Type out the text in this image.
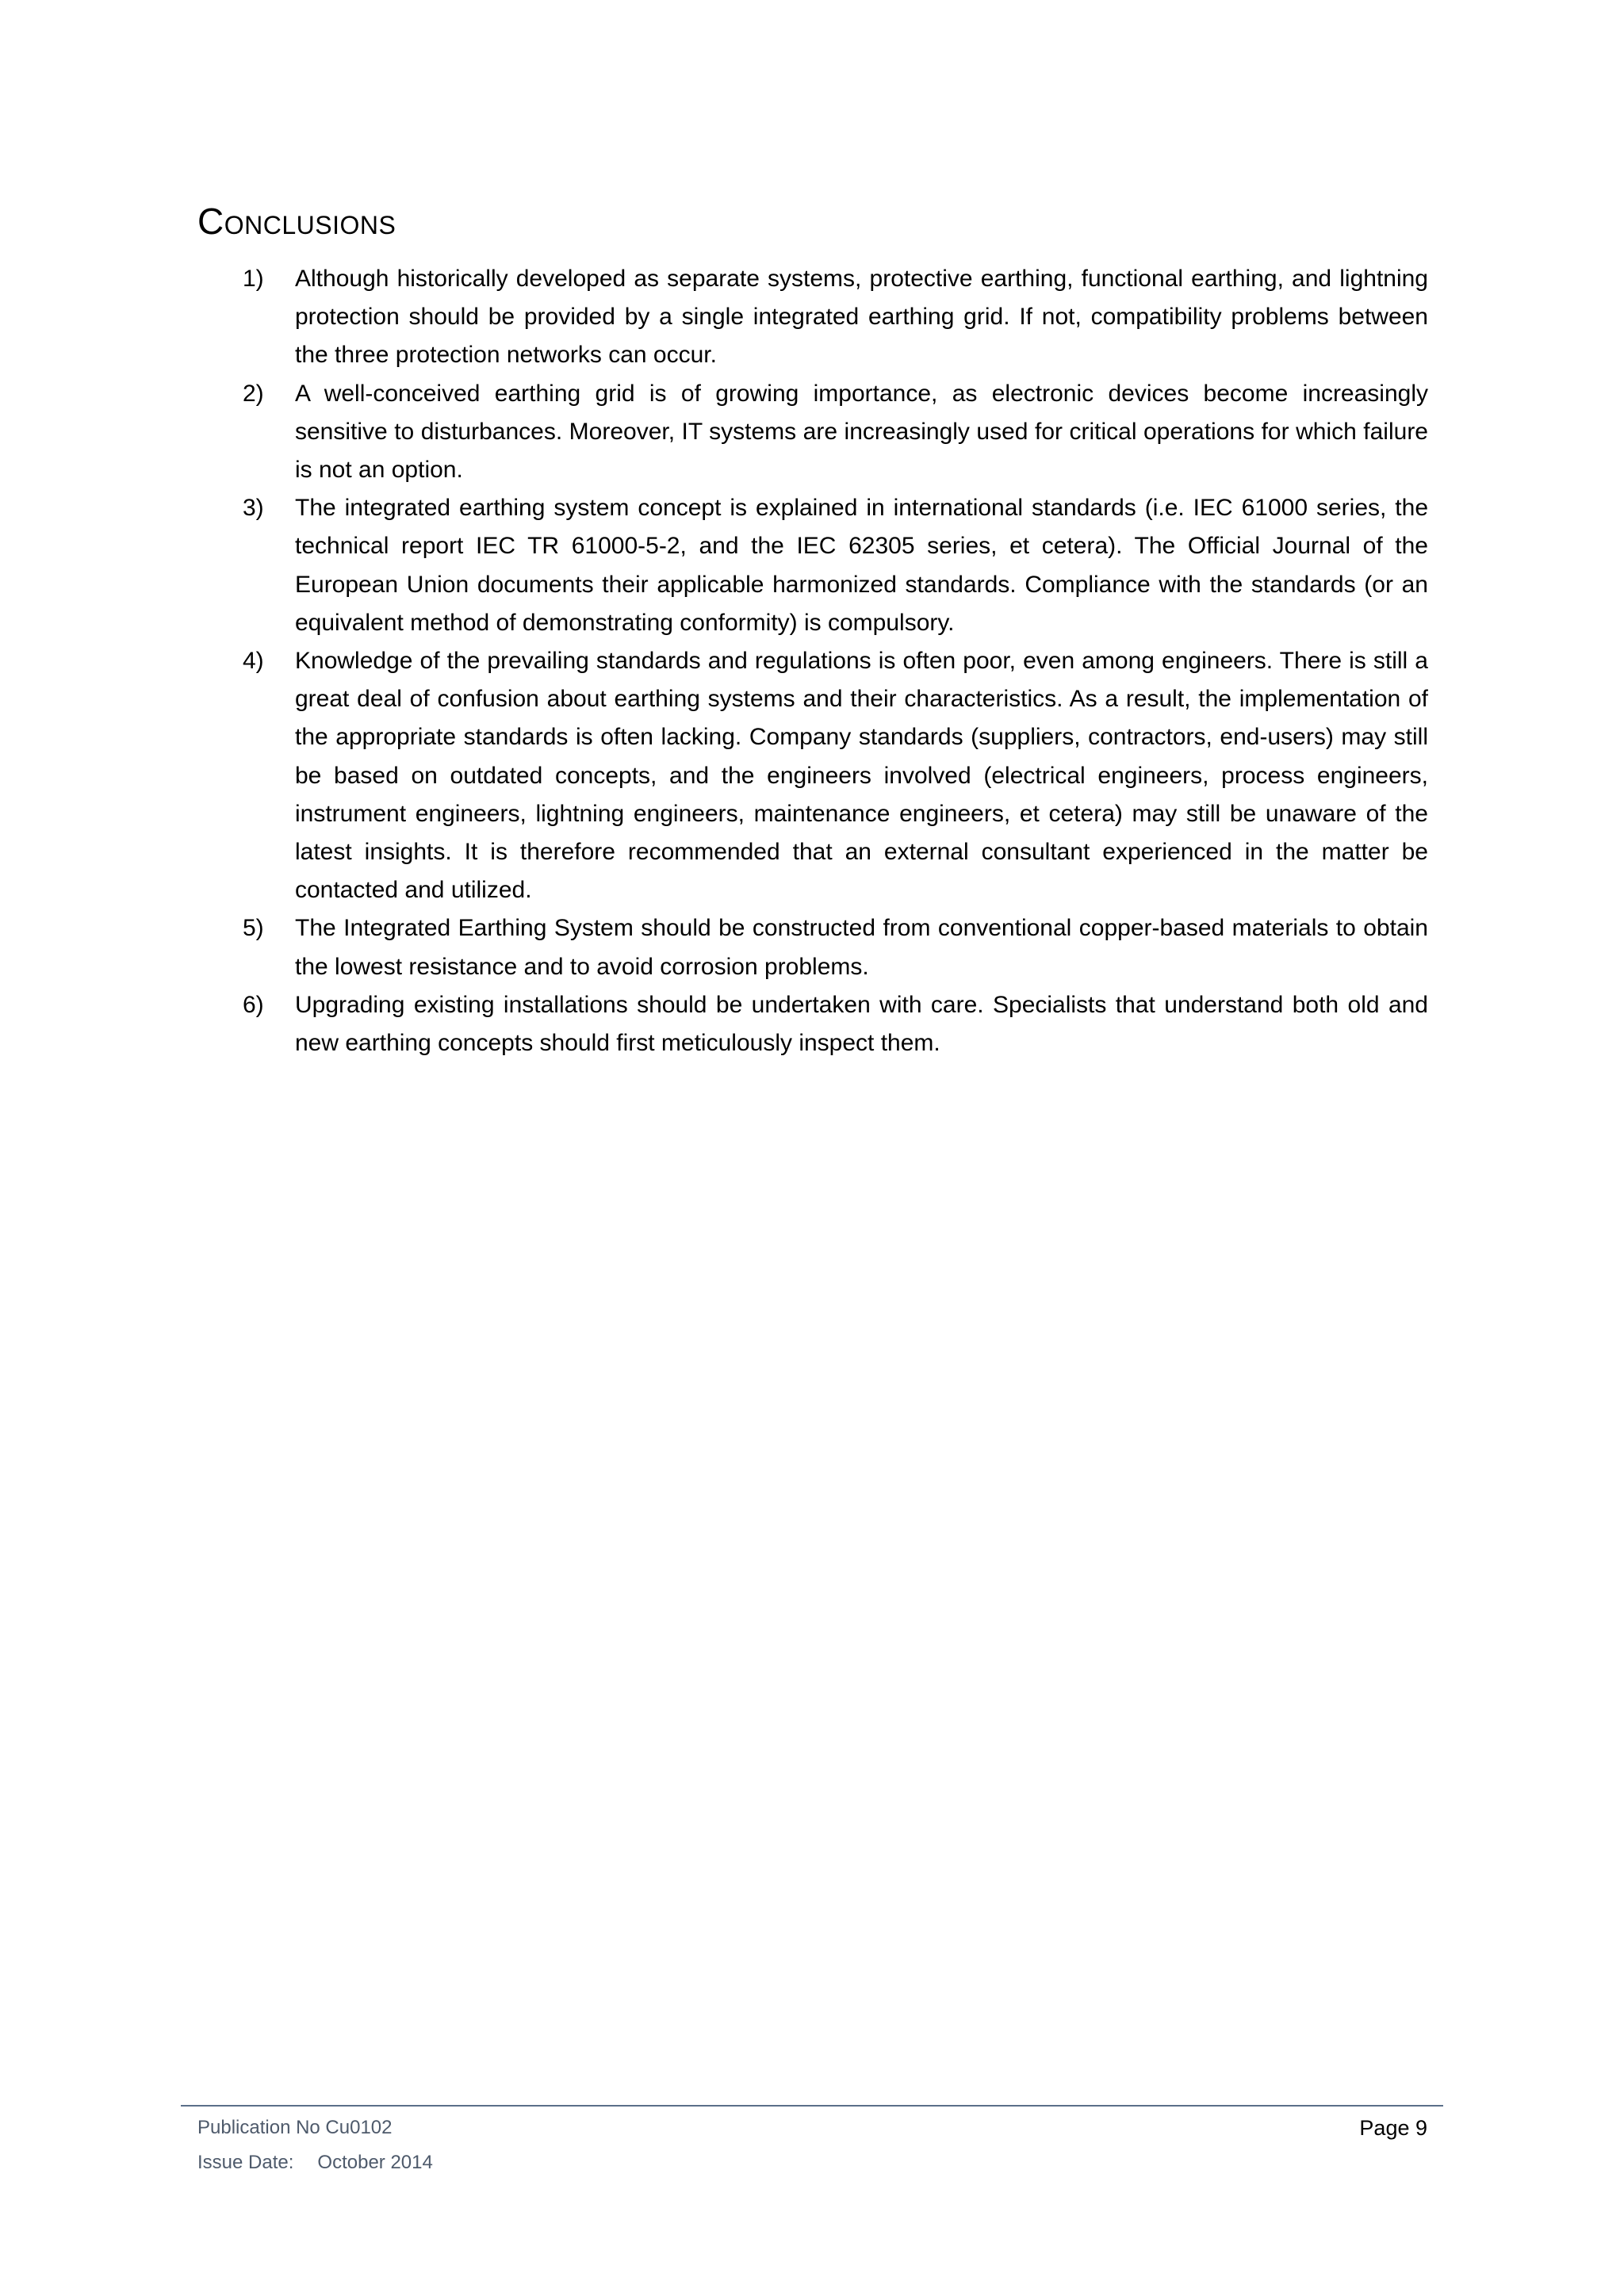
Conclusions
1) Although historically developed as separate systems, protective earthing, functional earthing, and lightning protection should be provided by a single integrated earthing grid. If not, compatibility problems between the three protection networks can occur.
2) A well-conceived earthing grid is of growing importance, as electronic devices become increasingly sensitive to disturbances. Moreover, IT systems are increasingly used for critical operations for which failure is not an option.
3) The integrated earthing system concept is explained in international standards (i.e. IEC 61000 series, the technical report IEC TR 61000-5-2, and the IEC 62305 series, et cetera). The Official Journal of the European Union documents their applicable harmonized standards. Compliance with the standards (or an equivalent method of demonstrating conformity) is compulsory.
4) Knowledge of the prevailing standards and regulations is often poor, even among engineers. There is still a great deal of confusion about earthing systems and their characteristics. As a result, the implementation of the appropriate standards is often lacking. Company standards (suppliers, contractors, end-users) may still be based on outdated concepts, and the engineers involved (electrical engineers, process engineers, instrument engineers, lightning engineers, maintenance engineers, et cetera) may still be unaware of the latest insights. It is therefore recommended that an external consultant experienced in the matter be contacted and utilized.
5) The Integrated Earthing System should be constructed from conventional copper-based materials to obtain the lowest resistance and to avoid corrosion problems.
6) Upgrading existing installations should be undertaken with care. Specialists that understand both old and new earthing concepts should first meticulously inspect them.
Publication No Cu0102
Issue Date: October 2014
Page 9
